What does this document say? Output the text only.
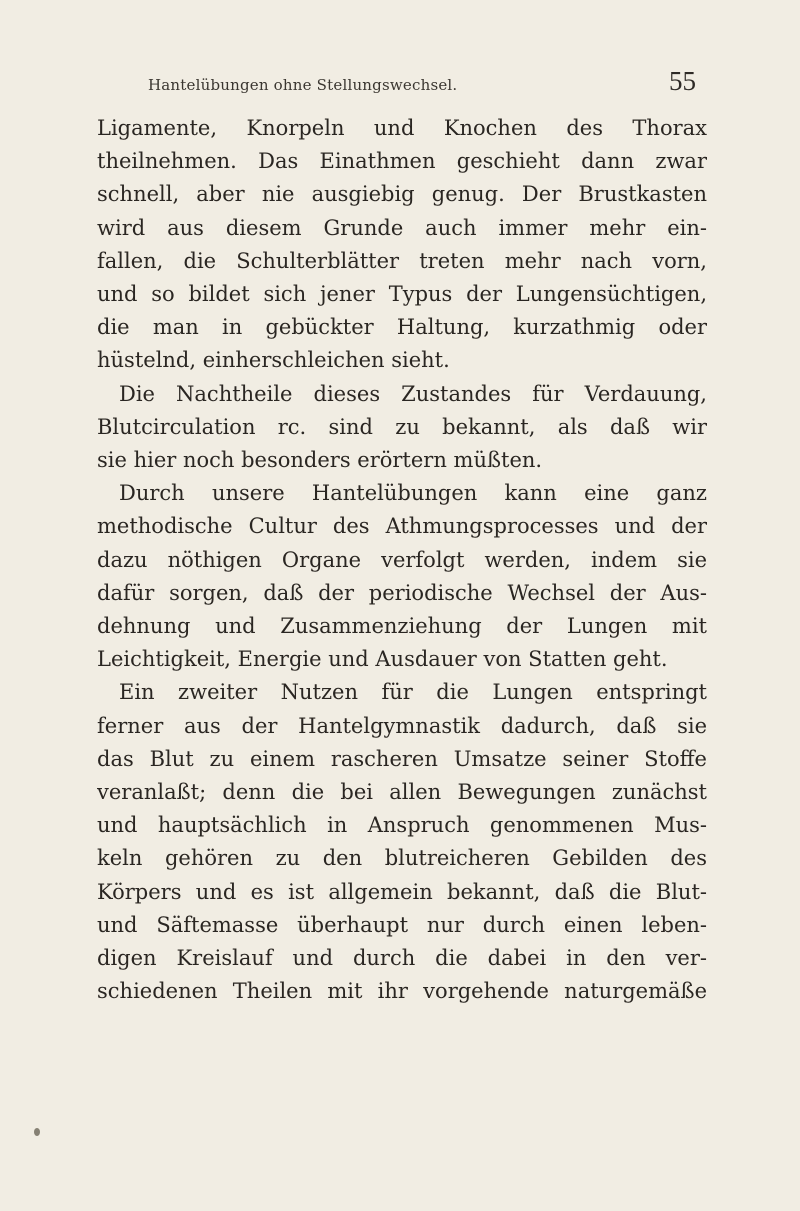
Hantelübungen ohne Stellungswechsel.	55

Ligamente, Knorpeln und Knochen des Thorax
theilnehmen. Das Einathmen geschieht dann zwar
schnell, aber nie ausgiebig genug. Der Brustkasten
wird aus diesem Grunde auch immer mehr ein-
fallen, die Schulterblätter treten mehr nach vorn,
und so bildet sich jener Typus der Lungensüchtigen,
die man in gebückter Haltung, kurzathmig oder
hüstelnd, einherschleichen sieht.

Die Nachtheile dieses Zustandes für Verdauung,
Blutcirculation rc. sind zu bekannt, als daß wir
sie hier noch besonders erörtern müßten.

Durch unsere Hantelübungen kann eine ganz
methodische Cultur des Athmungsprocesses und der
dazu nöthigen Organe verfolgt werden, indem sie
dafür sorgen, daß der periodische Wechsel der Aus-
dehnung und Zusammenziehung der Lungen mit
Leichtigkeit, Energie und Ausdauer von Statten geht.

Ein zweiter Nutzen für die Lungen entspringt
ferner aus der Hantelgymnastik dadurch, daß sie
das Blut zu einem rascheren Umsatze seiner Stoffe
veranlaßt; denn die bei allen Bewegungen zunächst
und hauptsächlich in Anspruch genommenen Mus-
keln gehören zu den blutreicheren Gebilden des
Körpers und es ist allgemein bekannt, daß die Blut-
und Säftemasse überhaupt nur durch einen leben-
digen Kreislauf und durch die dabei in den ver-
schiedenen Theilen mit ihr vorgehende naturgemäße
